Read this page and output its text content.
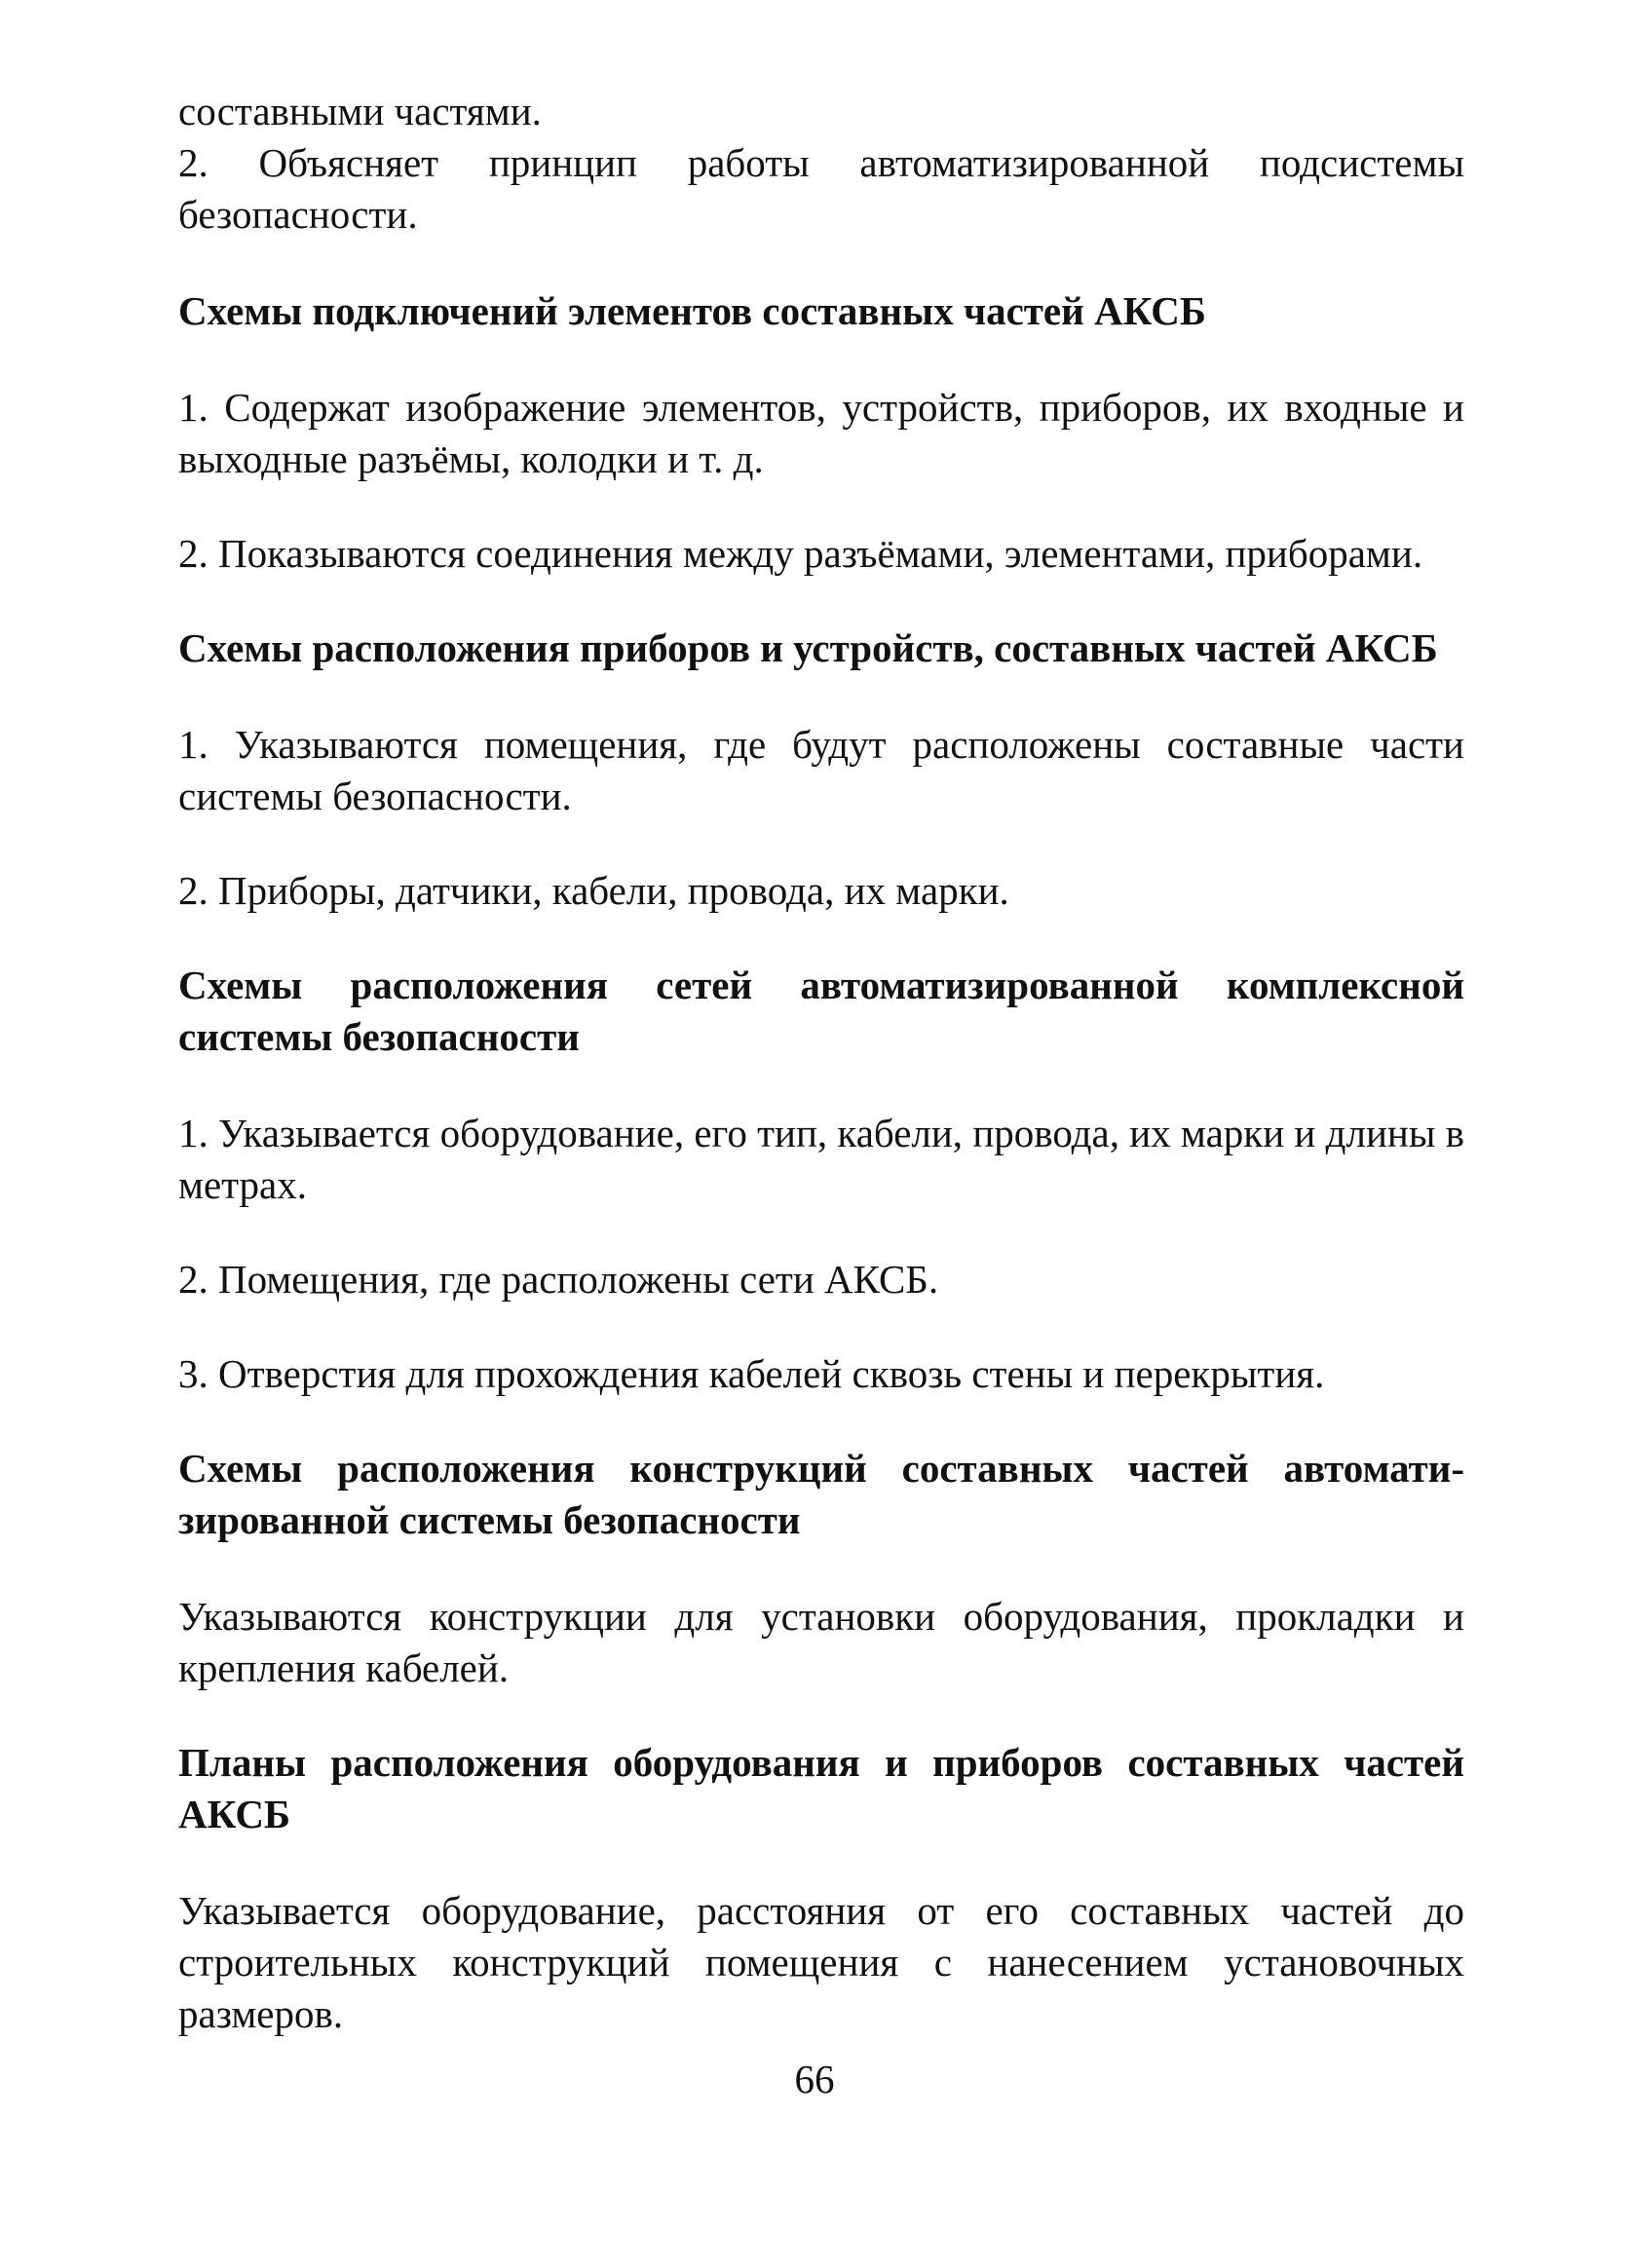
составными частями.

2. Объясняет принцип работы автоматизированной подсистемы безопасности.

Схемы подключений элементов составных частей АКСБ

1. Содержат изображение элементов, устройств, приборов, их входные и выходные разъёмы, колодки и т. д.

2. Показываются соединения между разъёмами, элементами, приборами.

Схемы расположения приборов и устройств, составных частей АКСБ

1. Указываются помещения, где будут расположены составные части системы безопасности.

2. Приборы, датчики, кабели, провода, их марки.

Схемы расположения сетей автоматизированной комплексной системы безопасности

1. Указывается оборудование, его тип, кабели, провода, их марки и длины в метрах.

2. Помещения, где расположены сети АКСБ.

3. Отверстия для прохождения кабелей сквозь стены и перекрытия.

Схемы расположения конструкций составных частей автомати-зированной системы безопасности

Указываются конструкции для установки оборудования, прокладки и крепления кабелей.

Планы расположения оборудования и приборов составных частей АКСБ

Указывается оборудование, расстояния от его составных частей до строительных конструкций помещения с нанесением установочных размеров.

66
